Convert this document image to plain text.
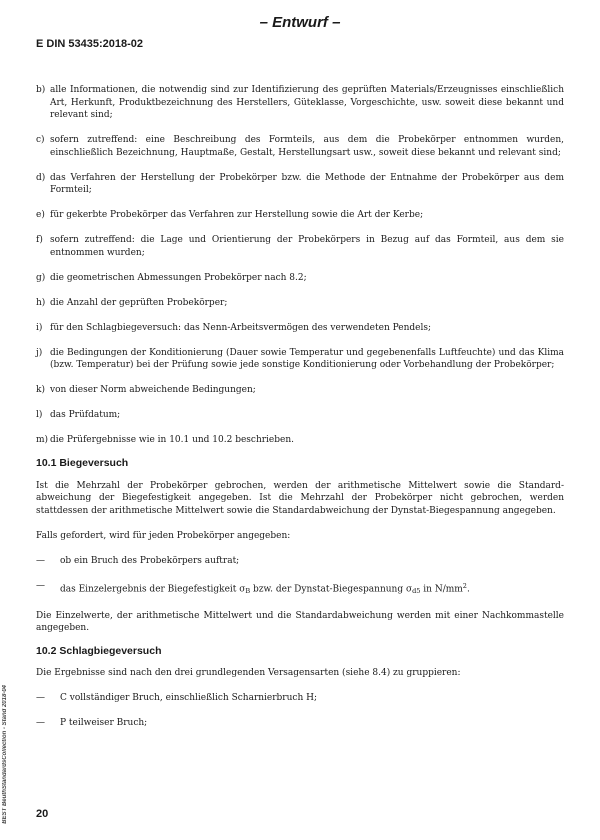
– Entwurf –
E DIN 53435:2018-02

b) alle Informationen, die notwendig sind zur Identifizierung des geprüften Materials/Erzeugnisses einschließlich Art, Herkunft, Produktbezeichnung des Herstellers, Güteklasse, Vorgeschichte, usw. soweit diese bekannt und relevant sind;

c) sofern zutreffend: eine Beschreibung des Formteils, aus dem die Probekörper entnommen wurden, einschließlich Bezeichnung, Hauptmaße, Gestalt, Herstellungsart usw., soweit diese bekannt und relevant sind;

d) das Verfahren der Herstellung der Probekörper bzw. die Methode der Entnahme der Probekörper aus dem Formteil;

e) für gekerbte Probekörper das Verfahren zur Herstellung sowie die Art der Kerbe;

f) sofern zutreffend: die Lage und Orientierung der Probekörpers in Bezug auf das Formteil, aus dem sie entnommen wurden;

g) die geometrischen Abmessungen Probekörper nach 8.2;

h) die Anzahl der geprüften Probekörper;

i) für den Schlagbiegeversuch: das Nenn-Arbeitsvermögen des verwendeten Pendels;

j) die Bedingungen der Konditionierung (Dauer sowie Temperatur und gegebenenfalls Luftfeuchte) und das Klima (bzw. Temperatur) bei der Prüfung sowie jede sonstige Konditionierung oder Vorbehandlung der Probekörper;

k) von dieser Norm abweichende Bedingungen;

l) das Prüfdatum;

m) die Prüfergebnisse wie in 10.1 und 10.2 beschrieben.

10.1 Biegeversuch

Ist die Mehrzahl der Probekörper gebrochen, werden der arithmetische Mittelwert sowie die Standard-abweichung der Biegefestigkeit angegeben. Ist die Mehrzahl der Probekörper nicht gebrochen, werden stattdessen der arithmetische Mittelwert sowie die Standardabweichung der Dynstat-Biegespannung angegeben.

Falls gefordert, wird für jeden Probekörper angegeben:

— ob ein Bruch des Probekörpers auftrat;

— das Einzelergebnis der Biegefestigkeit $\sigma_B$ bzw. der Dynstat-Biegespannung $\sigma_{d5}$ in $N/mm^2$.

Die Einzelwerte, der arithmetische Mittelwert und die Standardabweichung werden mit einer Nachkommastelle angegeben.

10.2 Schlagbiegeversuch

Die Ergebnisse sind nach den drei grundlegenden Versagensarten (siehe 8.4) zu gruppieren:

— C vollständiger Bruch, einschließlich Scharnierbruch H;

— P teilweiser Bruch;

BEST BeuthStandardsCollection - Stand 2018-04	20
